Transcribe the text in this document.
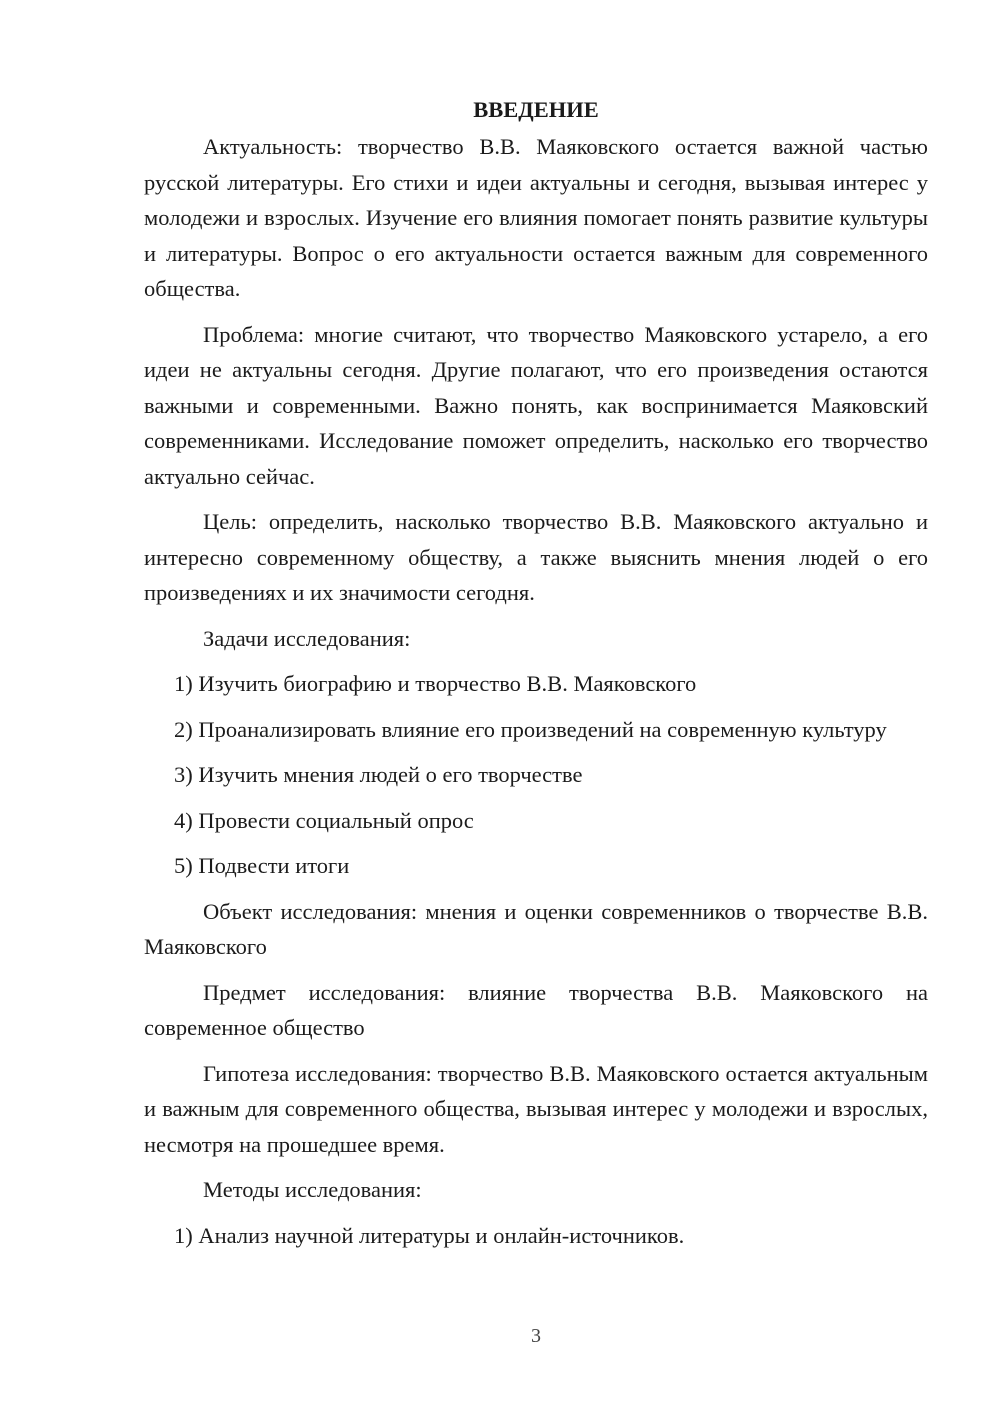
ВВЕДЕНИЕ

Актуальность: творчество В.В. Маяковского остается важной частью русской литературы. Его стихи и идеи актуальны и сегодня, вызывая интерес у молодежи и взрослых. Изучение его влияния помогает понять развитие культуры и литературы. Вопрос о его актуальности остается важным для современного общества.

Проблема: многие считают, что творчество Маяковского устарело, а его идеи не актуальны сегодня. Другие полагают, что его произведения остаются важными и современными. Важно понять, как воспринимается Маяковский современниками. Исследование поможет определить, насколько его творчество актуально сейчас.

Цель: определить, насколько творчество В.В. Маяковского актуально и интересно современному обществу, а также выяснить мнения людей о его произведениях и их значимости сегодня.

Задачи исследования:

1) Изучить биографию и творчество В.В. Маяковского

2) Проанализировать влияние его произведений на современную культуру

3) Изучить мнения людей о его творчестве

4) Провести социальный опрос

5) Подвести итоги

Объект исследования: мнения и оценки современников о творчестве В.В. Маяковского

Предмет исследования: влияние творчества В.В. Маяковского на современное общество

Гипотеза исследования: творчество В.В. Маяковского остается актуальным и важным для современного общества, вызывая интерес у молодежи и взрослых, несмотря на прошедшее время.

Методы исследования:

1) Анализ научной литературы и онлайн-источников.

3
